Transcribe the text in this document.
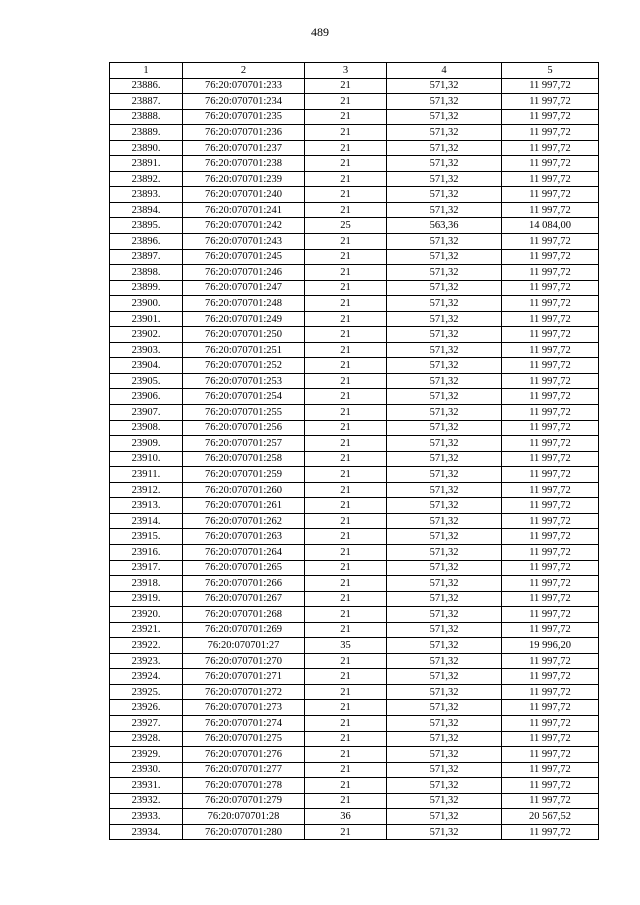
489
1	2	3	4	5
23886.	76:20:070701:233	21	571,32	11 997,72
23887.	76:20:070701:234	21	571,32	11 997,72
23888.	76:20:070701:235	21	571,32	11 997,72
23889.	76:20:070701:236	21	571,32	11 997,72
23890.	76:20:070701:237	21	571,32	11 997,72
23891.	76:20:070701:238	21	571,32	11 997,72
23892.	76:20:070701:239	21	571,32	11 997,72
23893.	76:20:070701:240	21	571,32	11 997,72
23894.	76:20:070701:241	21	571,32	11 997,72
23895.	76:20:070701:242	25	563,36	14 084,00
23896.	76:20:070701:243	21	571,32	11 997,72
23897.	76:20:070701:245	21	571,32	11 997,72
23898.	76:20:070701:246	21	571,32	11 997,72
23899.	76:20:070701:247	21	571,32	11 997,72
23900.	76:20:070701:248	21	571,32	11 997,72
23901.	76:20:070701:249	21	571,32	11 997,72
23902.	76:20:070701:250	21	571,32	11 997,72
23903.	76:20:070701:251	21	571,32	11 997,72
23904.	76:20:070701:252	21	571,32	11 997,72
23905.	76:20:070701:253	21	571,32	11 997,72
23906.	76:20:070701:254	21	571,32	11 997,72
23907.	76:20:070701:255	21	571,32	11 997,72
23908.	76:20:070701:256	21	571,32	11 997,72
23909.	76:20:070701:257	21	571,32	11 997,72
23910.	76:20:070701:258	21	571,32	11 997,72
23911.	76:20:070701:259	21	571,32	11 997,72
23912.	76:20:070701:260	21	571,32	11 997,72
23913.	76:20:070701:261	21	571,32	11 997,72
23914.	76:20:070701:262	21	571,32	11 997,72
23915.	76:20:070701:263	21	571,32	11 997,72
23916.	76:20:070701:264	21	571,32	11 997,72
23917.	76:20:070701:265	21	571,32	11 997,72
23918.	76:20:070701:266	21	571,32	11 997,72
23919.	76:20:070701:267	21	571,32	11 997,72
23920.	76:20:070701:268	21	571,32	11 997,72
23921.	76:20:070701:269	21	571,32	11 997,72
23922.	76:20:070701:27	35	571,32	19 996,20
23923.	76:20:070701:270	21	571,32	11 997,72
23924.	76:20:070701:271	21	571,32	11 997,72
23925.	76:20:070701:272	21	571,32	11 997,72
23926.	76:20:070701:273	21	571,32	11 997,72
23927.	76:20:070701:274	21	571,32	11 997,72
23928.	76:20:070701:275	21	571,32	11 997,72
23929.	76:20:070701:276	21	571,32	11 997,72
23930.	76:20:070701:277	21	571,32	11 997,72
23931.	76:20:070701:278	21	571,32	11 997,72
23932.	76:20:070701:279	21	571,32	11 997,72
23933.	76:20:070701:28	36	571,32	20 567,52
23934.	76:20:070701:280	21	571,32	11 997,72
